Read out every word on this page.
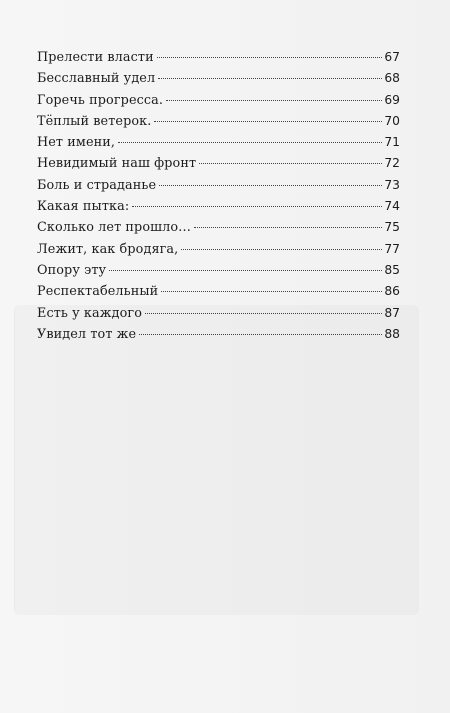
Прелести власти	67
Бесславный удел	68
Горечь прогресса.	69
Тёплый ветерок.	70
Нет имени,	71
Невидимый наш фронт	72
Боль и страданье	73
Какая пытка:	74
Сколько лет прошло…	75
Лежит, как бродяга,	77
Опору эту	85
Респектабельный	86
Есть у каждого	87
Увидел тот же	88
